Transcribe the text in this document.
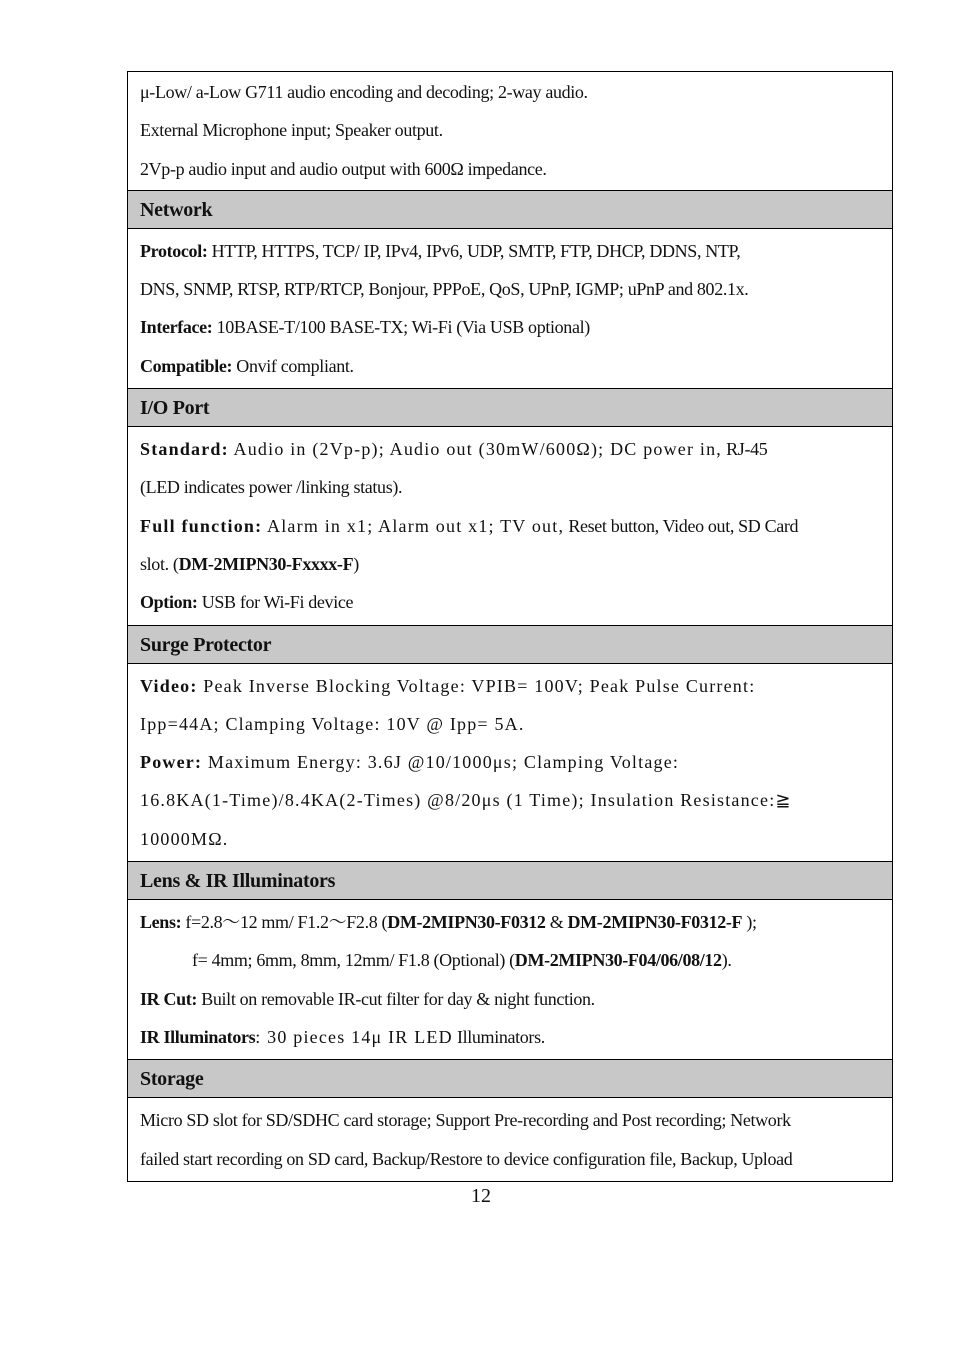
μ-Low/ a-Low G711 audio encoding and decoding; 2-way audio.
External Microphone input; Speaker output.
2Vp-p audio input and audio output with 600Ω impedance.
Network
Protocol: HTTP, HTTPS, TCP/ IP, IPv4, IPv6, UDP, SMTP, FTP, DHCP, DDNS, NTP,
DNS, SNMP, RTSP, RTP/RTCP, Bonjour, PPPoE, QoS, UPnP, IGMP; uPnP and 802.1x.
Interface: 10BASE-T/100 BASE-TX; Wi-Fi (Via USB optional)
Compatible: Onvif compliant.
I/O Port
Standard: Audio in (2Vp-p); Audio out (30mW/600Ω); DC power in, RJ-45
(LED indicates power /linking status).
Full function: Alarm in x1; Alarm out x1; TV out, Reset button, Video out, SD Card
slot. (DM-2MIPN30-Fxxxx-F)
Option: USB for Wi-Fi device
Surge Protector
Video: Peak Inverse Blocking Voltage: VPIB= 100V; Peak Pulse Current:
Ipp=44A; Clamping Voltage: 10V @ Ipp= 5A.
Power: Maximum Energy: 3.6J @10/1000μs; Clamping Voltage:
16.8KA(1-Time)/8.4KA(2-Times) @8/20μs (1 Time); Insulation Resistance:≧
10000MΩ.
Lens & IR Illuminators
Lens: f=2.8～12 mm/ F1.2～F2.8 (DM-2MIPN30-F0312 & DM-2MIPN30-F0312-F );
f= 4mm; 6mm, 8mm, 12mm/ F1.8 (Optional) (DM-2MIPN30-F04/06/08/12).
IR Cut: Built on removable IR-cut filter for day & night function.
IR Illuminators: 30 pieces 14μ IR LED Illuminators.
Storage
Micro SD slot for SD/SDHC card storage; Support Pre-recording and Post recording; Network
failed start recording on SD card, Backup/Restore to device configuration file, Backup, Upload
12
